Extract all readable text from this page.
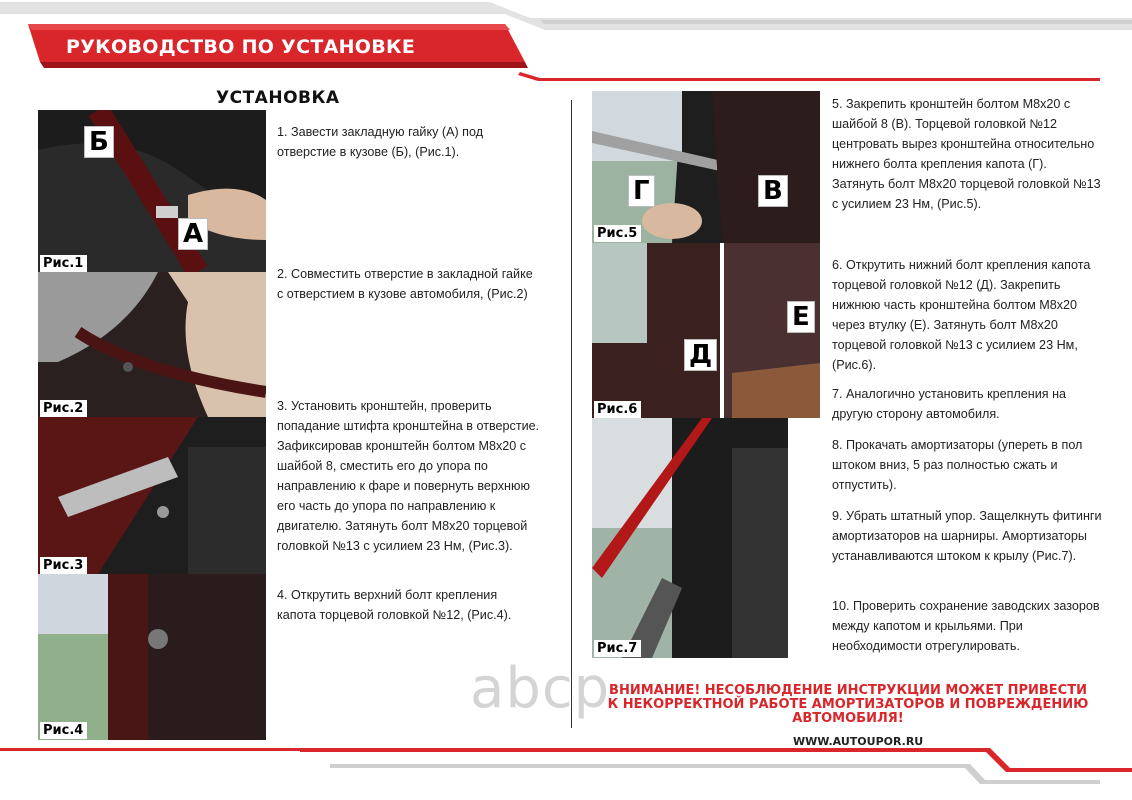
РУКОВОДСТВО ПО УСТАНОВКЕ
УСТАНОВКА
Б
А
Рис.1
Рис.2
Рис.3
Рис.4
1. Завести закладную гайку (А) под отверстие в кузове (Б), (Рис.1).
2. Совместить отверстие в закладной гайке с отверстием в кузове автомобиля, (Рис.2)
3. Установить кронштейн, проверить попадание штифта кронштейна в отверстие. Зафиксировав кронштейн болтом М8х20 с шайбой 8, сместить его до упора по направлению к фаре и повернуть верхнюю его часть до упора по направлению к двигателю. Затянуть болт М8х20 торцевой головкой №13 с усилием 23 Нм, (Рис.3).
4. Открутить верхний болт крепления капота торцевой головкой №12, (Рис.4).
Г	В
Рис.5
Д
Е
Рис.6
Рис.7
5. Закрепить кронштейн болтом М8х20 с шайбой 8 (В). Торцевой головкой №12 центровать вырез кронштейна относительно нижнего болта крепления капота (Г). Затянуть болт М8х20 торцевой головкой №13 с усилием 23 Нм, (Рис.5).
6. Открутить нижний болт крепления капота торцевой головкой №12 (Д). Закрепить нижнюю часть кронштейна болтом М8х20 через втулку (Е). Затянуть болт М8х20 торцевой головкой №13 с усилием 23 Нм, (Рис.6).
7. Аналогично установить крепления на другую сторону автомобиля.
8. Прокачать амортизаторы (упереть в пол штоком вниз, 5 раз полностью сжать и отпустить).
9. Убрать штатный упор. Защелкнуть фитинги амортизаторов на шарниры. Амортизаторы устанавливаются штоком к крылу (Рис.7).
10. Проверить сохранение заводских зазоров между капотом и крыльями. При необходимости отрегулировать.
abcp
ВНИМАНИЕ! НЕСОБЛЮДЕНИЕ ИНСТРУКЦИИ МОЖЕТ ПРИВЕСТИ К НЕКОРРЕКТНОЙ РАБОТЕ АМОРТИЗАТОРОВ И ПОВРЕЖДЕНИЮ АВТОМОБИЛЯ!
WWW.AUTOUPOR.RU
